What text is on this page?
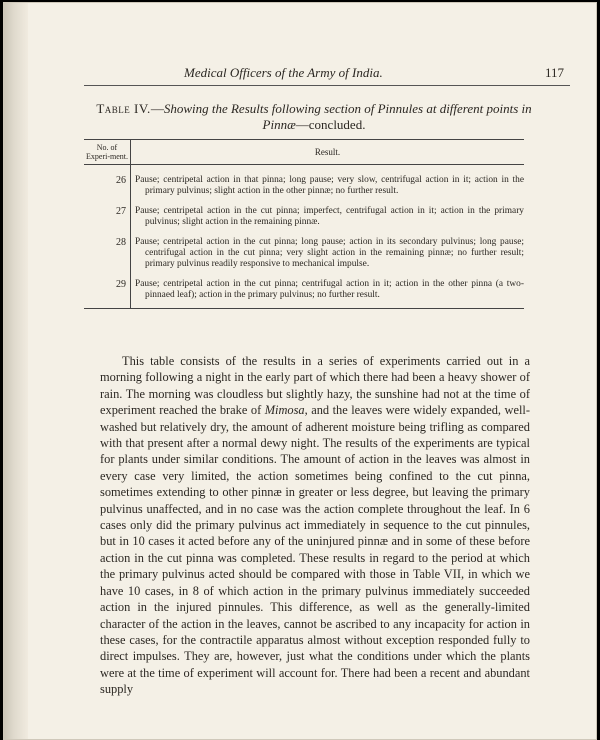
Medical Officers of the Army of India.	117
Table IV.—Showing the Results following section of Pinnules at different points in Pinnæ—concluded.
No. of Experi-ment.	Result.
26	Pause; centripetal action in that pinna; long pause; very slow, centrifugal action in it; action in the primary pulvinus; slight action in the other pinnæ; no further result.

27	Pause; centripetal action in the cut pinna; imperfect, centrifugal action in it; action in the primary pulvinus; slight action in the remaining pinnæ.

28	Pause; centripetal action in the cut pinna; long pause; action in its secondary pulvinus; long pause; centrifugal action in the cut pinna; very slight action in the remaining pinnæ; no further result; primary pulvinus readily responsive to mechanical impulse.

29	Pause; centripetal action in the cut pinna; centrifugal action in it; action in the other pinna (a two-pinnaed leaf); action in the primary pulvinus; no further result.

This table consists of the results in a series of experiments carried out in a morning following a night in the early part of which there had been a heavy shower of rain. The morning was cloudless but slightly hazy, the sunshine had not at the time of experiment reached the brake of Mimosa, and the leaves were widely expanded, well-washed but relatively dry, the amount of adherent moisture being trifling as compared with that present after a normal dewy night. The results of the experiments are typical for plants under similar conditions. The amount of action in the leaves was almost in every case very limited, the action sometimes being confined to the cut pinna, sometimes extending to other pinnæ in greater or less degree, but leaving the primary pulvinus unaffected, and in no case was the action complete throughout the leaf. In 6 cases only did the primary pulvinus act immediately in sequence to the cut pinnules, but in 10 cases it acted before any of the uninjured pinnæ and in some of these before action in the cut pinna was completed. These results in regard to the period at which the primary pulvinus acted should be compared with those in Table VII, in which we have 10 cases, in 8 of which action in the primary pulvinus immediately succeeded action in the injured pinnules. This difference, as well as the generally-limited character of the action in the leaves, cannot be ascribed to any incapacity for action in these cases, for the contractile apparatus almost without exception responded fully to direct impulses. They are, however, just what the conditions under which the plants were at the time of experiment will account for. There had been a recent and abundant supply
